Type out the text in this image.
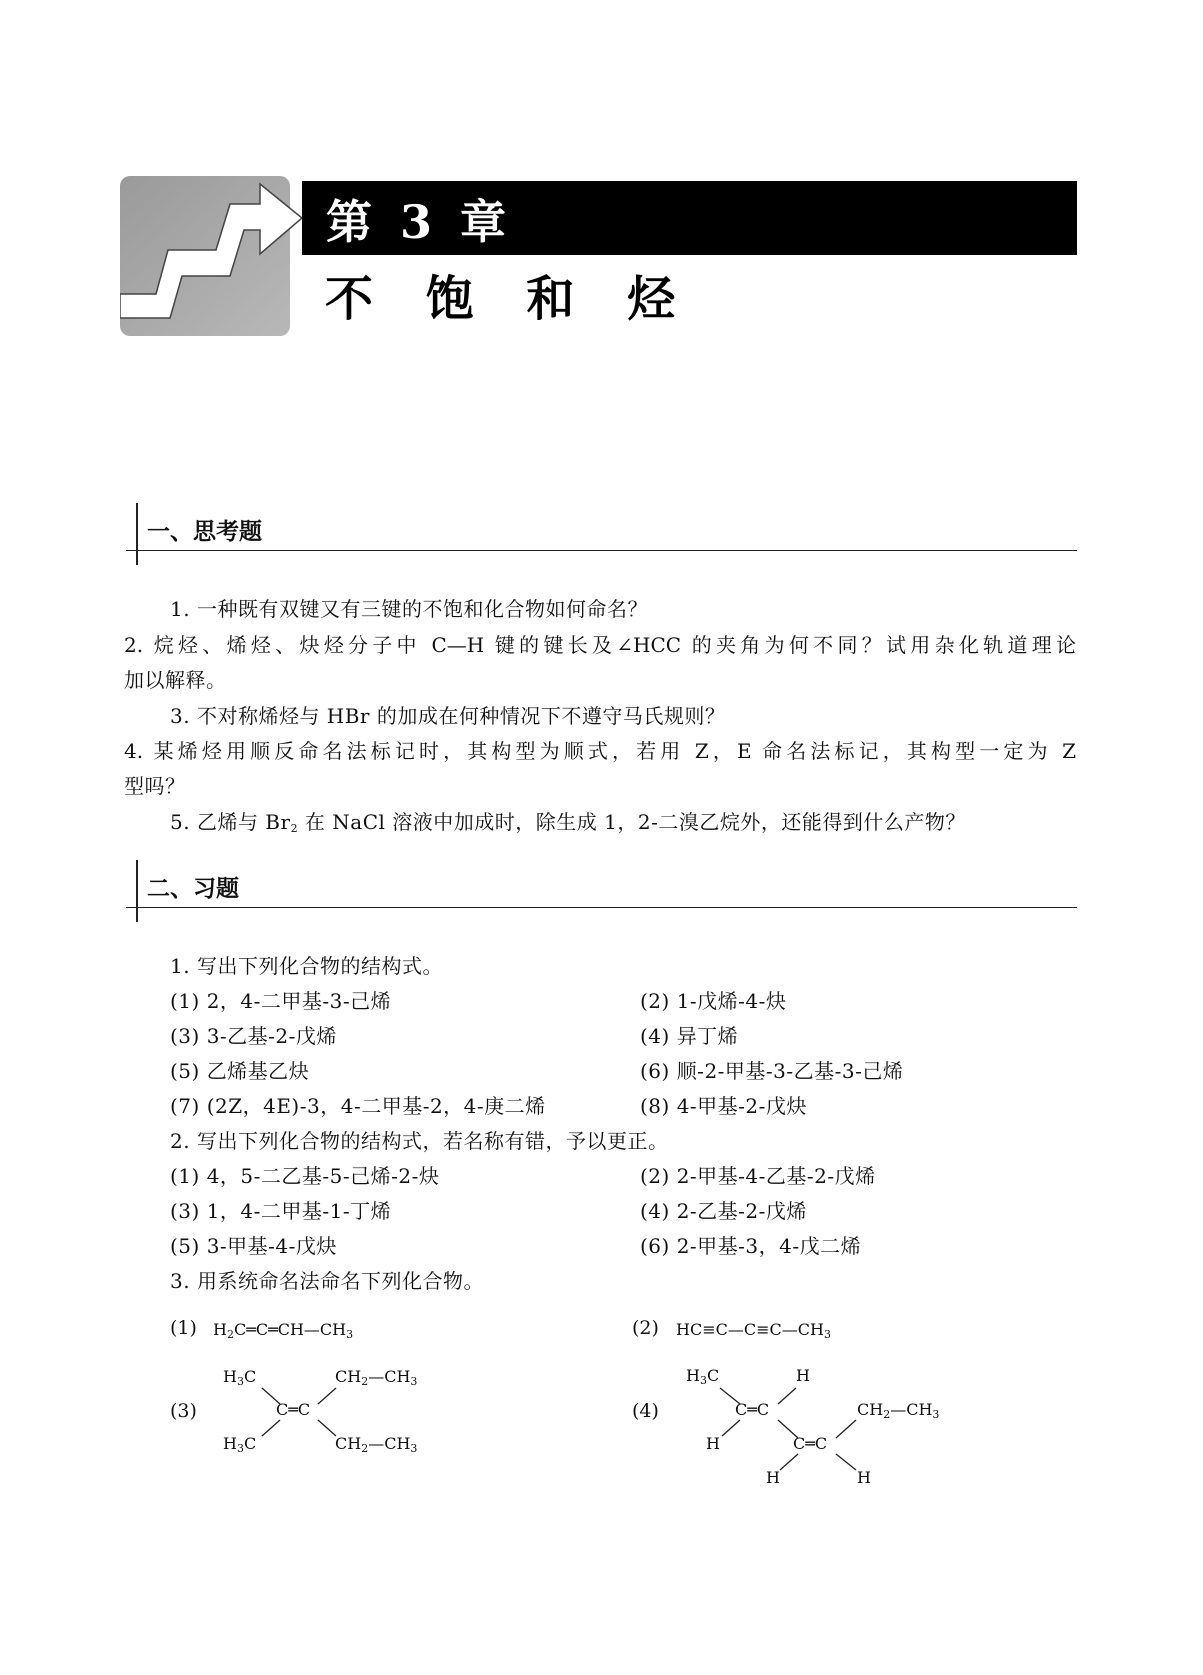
第 3 章
不 饱 和 烃
一、思考题
1. 一种既有双键又有三键的不饱和化合物如何命名？
2. 烷烃、烯烃、炔烃分子中 C—H 键的键长及∠HCC 的夹角为何不同？试用杂化轨道理论
加以解释。
3. 不对称烯烃与 HBr 的加成在何种情况下不遵守马氏规则？
4. 某烯烃用顺反命名法标记时，其构型为顺式，若用 Z，E 命名法标记，其构型一定为 Z
型吗？
5. 乙烯与 $Br_2$ 在 NaCl 溶液中加成时，除生成 1，2-二溴乙烷外，还能得到什么产物？
二、习题
1. 写出下列化合物的结构式。
(1) 2，4-二甲基-3-己烯	(2) 1-戊烯-4-炔
(3) 3-乙基-2-戊烯	(4) 异丁烯
(5) 乙烯基乙炔	(6) 顺-2-甲基-3-乙基-3-己烯
(7) (2Z，4E)-3，4-二甲基-2，4-庚二烯	(8) 4-甲基-2-戊炔
2. 写出下列化合物的结构式，若名称有错，予以更正。
(1) 4，5-二乙基-5-己烯-2-炔	(2) 2-甲基-4-乙基-2-戊烯
(3) 1，4-二甲基-1-丁烯	(4) 2-乙基-2-戊烯
(5) 3-甲基-4-戊炔	(6) 2-甲基-3，4-戊二烯
3. 用系统命名法命名下列化合物。
(1) $H_2C═C═CH—CH_3$	(2) $HC\equiv C—C\equiv C—CH_3$
(3)
$H_3C$	$CH_2—CH_3$
C═C
$H_3C$	$CH_2—CH_3$
(4)
$H_3C$	H
C═C	$CH_2—CH_3$
H	C═C
H	H
